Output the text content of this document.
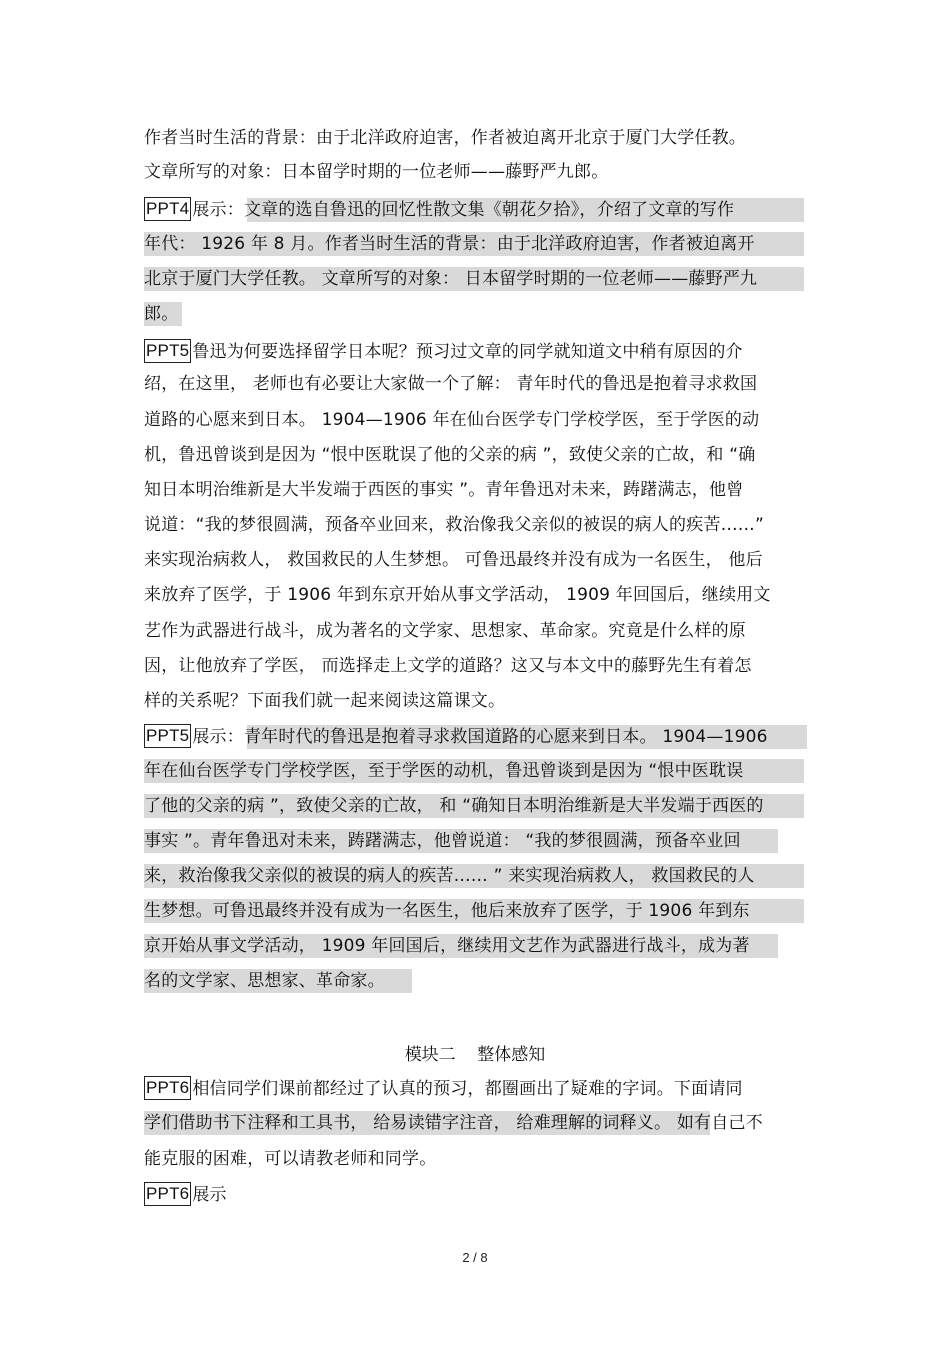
作者当时生活的背景：由于北洋政府迫害，作者被迫离开北京于厦门大学任教。
文章所写的对象：日本留学时期的一位老师——藤野严九郎。
PPT4 展示：文章的选自鲁迅的回忆性散文集《朝花夕拾》，介绍了文章的写作
年代： 1926 年 8 月。作者当时生活的背景：由于北洋政府迫害，作者被迫离开
北京于厦门大学任教。 文章所写的对象： 日本留学时期的一位老师——藤野严九
郎。
PPT5 鲁迅为何要选择留学日本呢？预习过文章的同学就知道文中稍有原因的介
绍，在这里， 老师也有必要让大家做一个了解： 青年时代的鲁迅是抱着寻求救国
道路的心愿来到日本。 1904—1906 年在仙台医学专门学校学医，至于学医的动
机，鲁迅曾谈到是因为 “恨中医耽误了他的父亲的病 ”，致使父亲的亡故，和 “确
知日本明治维新是大半发端于西医的事实 ”。青年鲁迅对未来，踌躇满志，他曾
说道：“我的梦很圆满，预备卒业回来，救治像我父亲似的被误的病人的疾苦……”
来实现治病救人， 救国救民的人生梦想。 可鲁迅最终并没有成为一名医生， 他后
来放弃了医学，于 1906 年到东京开始从事文学活动， 1909 年回国后，继续用文
艺作为武器进行战斗，成为著名的文学家、思想家、革命家。究竟是什么样的原
因，让他放弃了学医， 而选择走上文学的道路？这又与本文中的藤野先生有着怎
样的关系呢？下面我们就一起来阅读这篇课文。
PPT5 展示：青年时代的鲁迅是抱着寻求救国道路的心愿来到日本。 1904—1906
年在仙台医学专门学校学医，至于学医的动机，鲁迅曾谈到是因为 “恨中医耽误
了他的父亲的病 ”，致使父亲的亡故， 和 “确知日本明治维新是大半发端于西医的
事实 ”。青年鲁迅对未来，踌躇满志，他曾说道： “我的梦很圆满，预备卒业回
来，救治像我父亲似的被误的病人的疾苦…… ” 来实现治病救人， 救国救民的人
生梦想。可鲁迅最终并没有成为一名医生，他后来放弃了医学，于 1906 年到东
京开始从事文学活动， 1909 年回国后，继续用文艺作为武器进行战斗，成为著
名的文学家、思想家、革命家。
模块二    整体感知
PPT6 相信同学们课前都经过了认真的预习，都圈画出了疑难的字词。下面请同
学们借助书下注释和工具书， 给易读错字注音， 给难理解的词释义。 如有自己不
能克服的困难，可以请教老师和同学。
PPT6 展示
2 / 8
